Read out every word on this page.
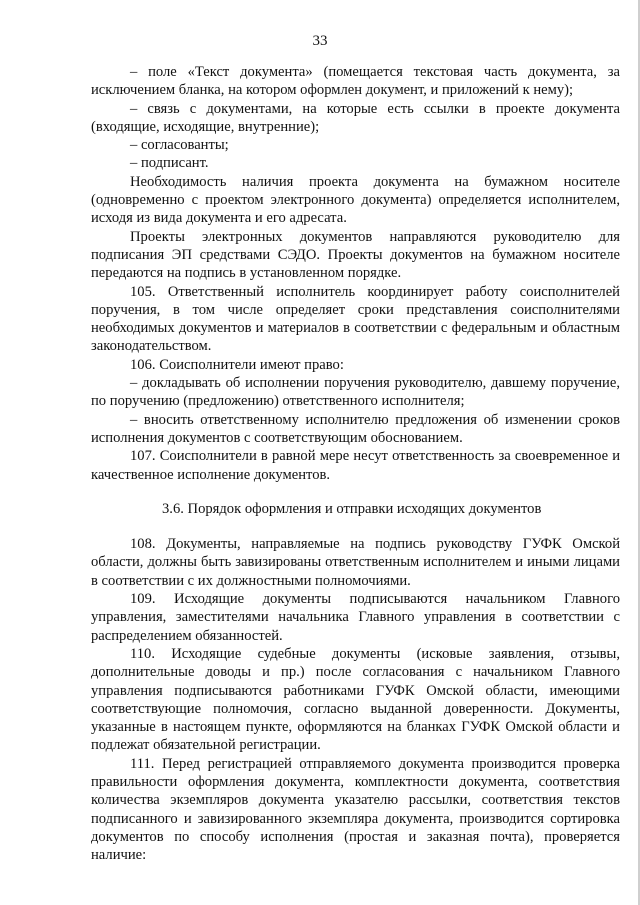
33

– поле «Текст документа» (помещается текстовая часть документа, за исключением бланка, на котором оформлен документ, и приложений к нему);

– связь с документами, на которые есть ссылки в проекте документа (входящие, исходящие, внутренние);

– согласованты;

– подписант.

Необходимость наличия проекта документа на бумажном носителе (одновременно с проектом электронного документа) определяется исполнителем, исходя из вида документа и его адресата.

Проекты электронных документов направляются руководителю для подписания ЭП средствами СЭДО. Проекты документов на бумажном носителе передаются на подпись в установленном порядке.

105. Ответственный исполнитель координирует работу соисполнителей поручения, в том числе определяет сроки представления соисполнителями необходимых документов и материалов в соответствии с федеральным и областным законодательством.

106. Соисполнители имеют право:

– докладывать об исполнении поручения руководителю, давшему поручение, по поручению (предложению) ответственного исполнителя;

– вносить ответственному исполнителю предложения об изменении сроков исполнения документов с соответствующим обоснованием.

107. Соисполнители в равной мере несут ответственность за своевременное и качественное исполнение документов.

3.6. Порядок оформления и отправки исходящих документов

108. Документы, направляемые на подпись руководству ГУФК Омской области, должны быть завизированы ответственным исполнителем и иными лицами в соответствии с их должностными полномочиями.

109. Исходящие документы подписываются начальником Главного управления, заместителями начальника Главного управления в соответствии с распределением обязанностей.

110. Исходящие судебные документы (исковые заявления, отзывы, дополнительные доводы и пр.) после согласования с начальником Главного управления подписываются работниками ГУФК Омской области, имеющими соответствующие полномочия, согласно выданной доверенности. Документы, указанные в настоящем пункте, оформляются на бланках ГУФК Омской области и подлежат обязательной регистрации.

111. Перед регистрацией отправляемого документа производится проверка правильности оформления документа, комплектности документа, соответствия количества экземпляров документа указателю рассылки, соответствия текстов подписанного и завизированного экземпляра документа, производится сортировка документов по способу исполнения (простая и заказная почта), проверяется наличие:
